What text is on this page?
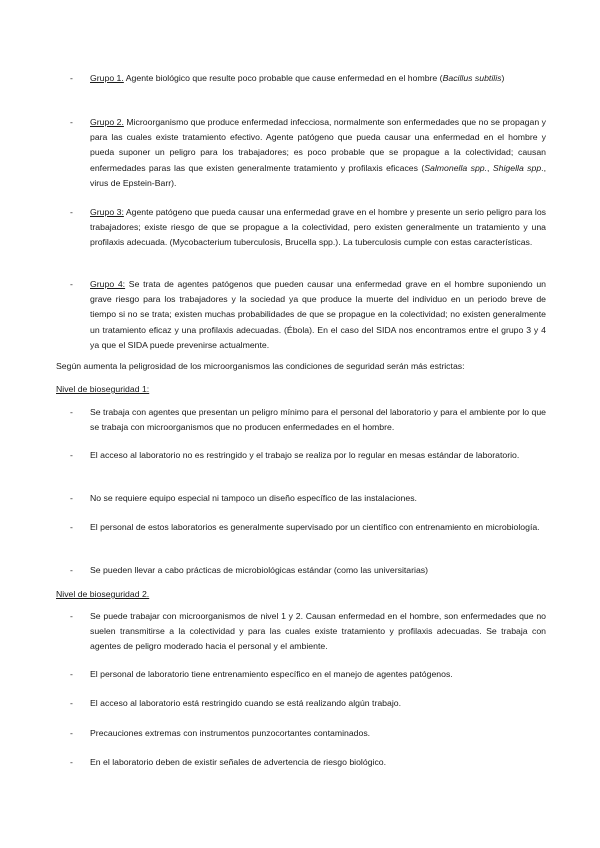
-	Grupo 1. Agente biológico que resulte poco probable que cause enfermedad en el hombre (Bacillus subtilis)
-	Grupo 2. Microorganismo que produce enfermedad infecciosa, normalmente son enfermedades que no se propagan y para las cuales existe tratamiento efectivo. Agente patógeno que pueda causar una enfermedad en el hombre y pueda suponer un peligro para los trabajadores; es poco probable que se propague a la colectividad; causan enfermedades paras las que existen generalmente tratamiento y profilaxis eficaces (Salmonella spp., Shigella spp., virus de Epstein-Barr).
-	Grupo 3: Agente patógeno que pueda causar una enfermedad grave en el hombre y presente un serio peligro para los trabajadores; existe riesgo de que se propague a la colectividad, pero existen generalmente un tratamiento y una profilaxis adecuada. (Mycobacterium tuberculosis, Brucella spp.). La tuberculosis cumple con estas características.
-	Grupo 4: Se trata de agentes patógenos que pueden causar una enfermedad grave en el hombre suponiendo un grave riesgo para los trabajadores y la sociedad ya que produce la muerte del individuo en un periodo breve de tiempo si no se trata; existen muchas probabilidades de que se propague en la colectividad; no existen generalmente un tratamiento eficaz y una profilaxis adecuadas. (Ébola). En el caso del SIDA nos encontramos entre el grupo 3 y 4 ya que el SIDA puede prevenirse actualmente.
Según aumenta la peligrosidad de los microorganismos las condiciones de seguridad serán más estrictas:
Nivel de bioseguridad 1:
-	Se trabaja con agentes que presentan un peligro mínimo para el personal del laboratorio y para el ambiente por lo que se trabaja con microorganismos que no producen enfermedades en el hombre.
-	El acceso al laboratorio no es restringido y el trabajo se realiza por lo regular en mesas estándar de laboratorio.
-	No se requiere equipo especial ni tampoco un diseño específico de las instalaciones.
-	El personal de estos laboratorios es generalmente supervisado por un científico con entrenamiento en microbiología.
-	Se pueden llevar a cabo prácticas de microbiológicas estándar (como las universitarias)
Nivel de bioseguridad 2.
-	Se puede trabajar con microorganismos de nivel 1 y 2. Causan enfermedad en el hombre, son enfermedades que no suelen transmitirse a la colectividad y para las cuales existe tratamiento y profilaxis adecuadas. Se trabaja con agentes de peligro moderado hacia el personal y el ambiente.
-	El personal de laboratorio tiene entrenamiento específico en el manejo de agentes patógenos.
-	El acceso al laboratorio está restringido cuando se está realizando algún trabajo.
-	Precauciones extremas con instrumentos punzocortantes contaminados.
-	En el laboratorio deben de existir señales de advertencia de riesgo biológico.
